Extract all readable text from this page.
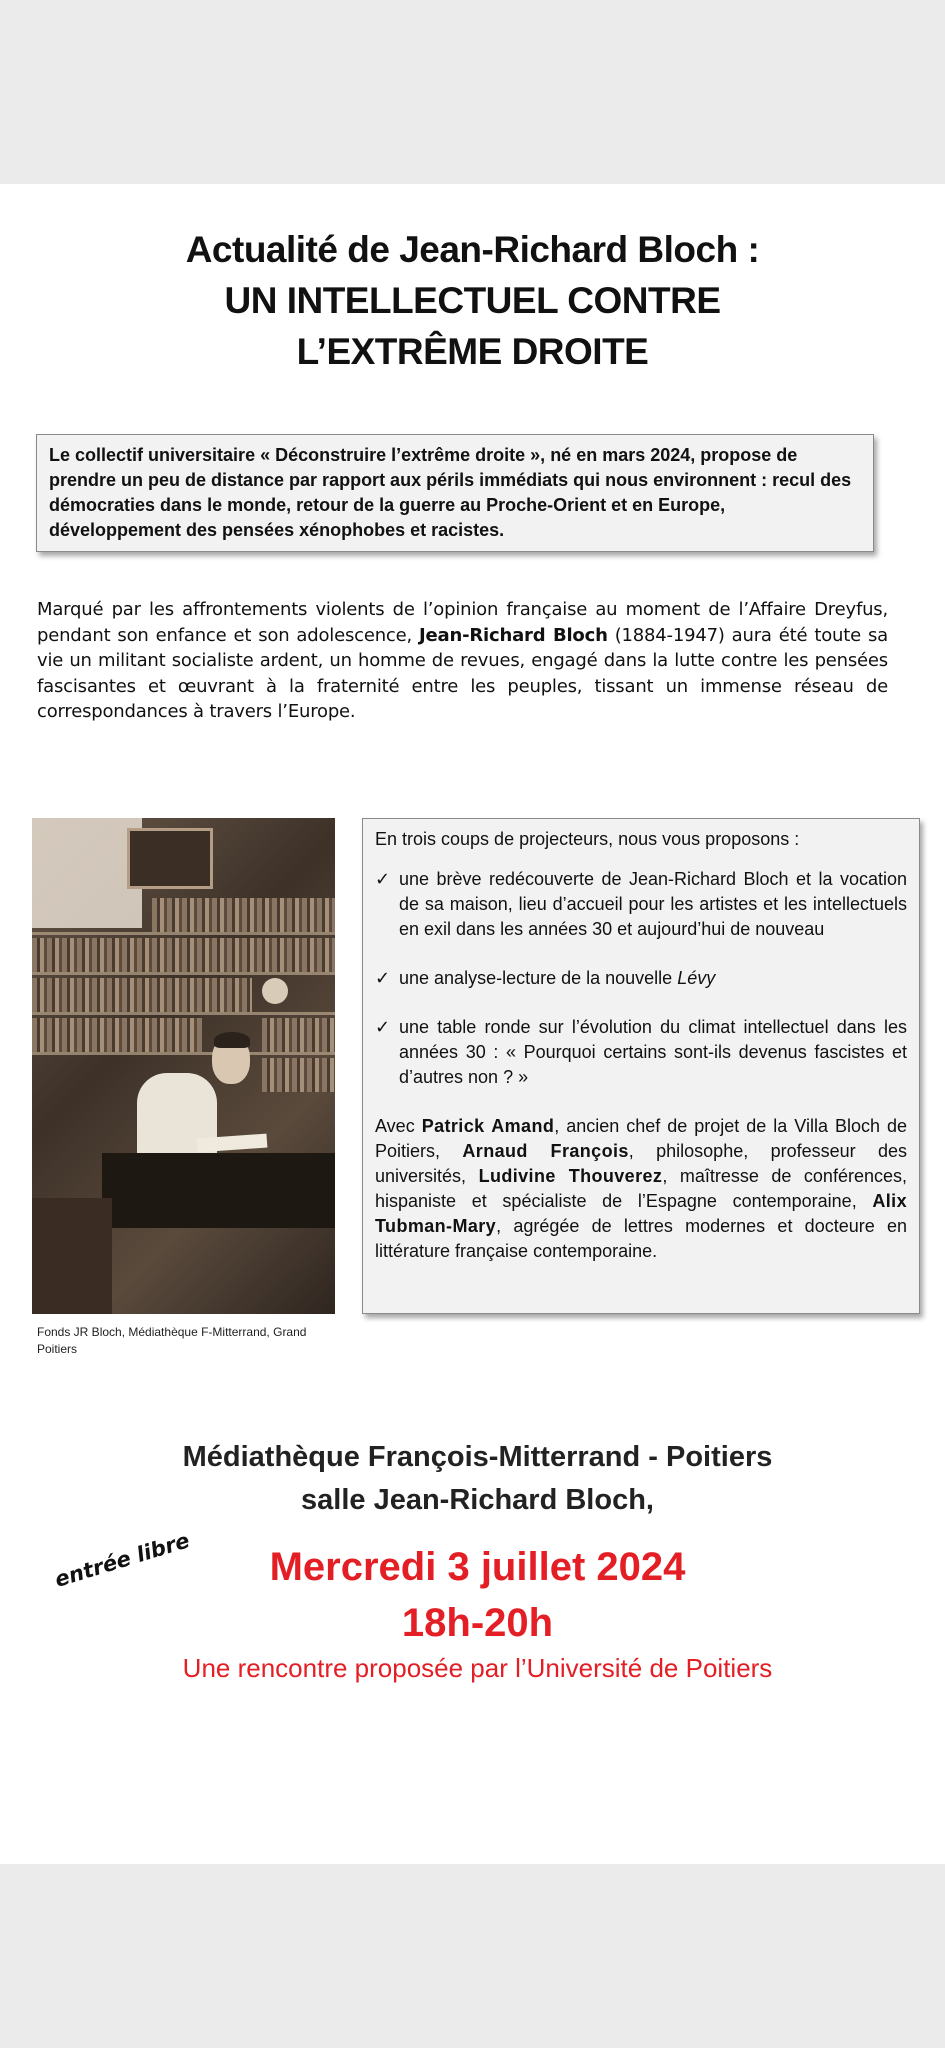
Actualité de Jean-Richard Bloch :
UN INTELLECTUEL CONTRE
L’EXTRÊME DROITE
Le collectif universitaire « Déconstruire l’extrême droite », né en mars 2024, propose de prendre un peu de distance par rapport aux périls immédiats qui nous environnent : recul des démocraties dans le monde, retour de la guerre au Proche-Orient et en Europe, développement des pensées xénophobes et racistes.
Marqué par les affrontements violents de l’opinion française au moment de l’Affaire Dreyfus, pendant son enfance et son adolescence, Jean-Richard Bloch (1884-1947) aura été toute sa vie un militant socialiste ardent, un homme de revues, engagé dans la lutte contre les pensées fascisantes et œuvrant à la fraternité entre les peuples, tissant un immense réseau de correspondances à travers l’Europe.
Fonds JR Bloch, Médiathèque F-Mitterrand, Grand Poitiers

En trois coups de projecteurs, nous vous proposons :

✓ une brève redécouverte de Jean-Richard Bloch et la vocation de sa maison, lieu d’accueil pour les artistes et les intellectuels en exil dans les années 30 et aujourd’hui de nouveau
✓ une analyse-lecture de la nouvelle Lévy
✓ une table ronde sur l’évolution du climat intellectuel dans les années 30 : « Pourquoi certains sont-ils devenus fascistes et d’autres non ? »

Avec Patrick Amand, ancien chef de projet de la Villa Bloch de Poitiers, Arnaud François, philosophe, professeur des universités, Ludivine Thouverez, maîtresse de conférences, hispaniste et spécialiste de l’Espagne contemporaine, Alix Tubman-Mary, agrégée de lettres modernes et docteure en littérature française contemporaine.

Médiathèque François-Mitterrand - Poitiers
salle Jean-Richard Bloch,
entrée libre	Mercredi 3 juillet 2024
18h-20h
Une rencontre proposée par l’Université de Poitiers
